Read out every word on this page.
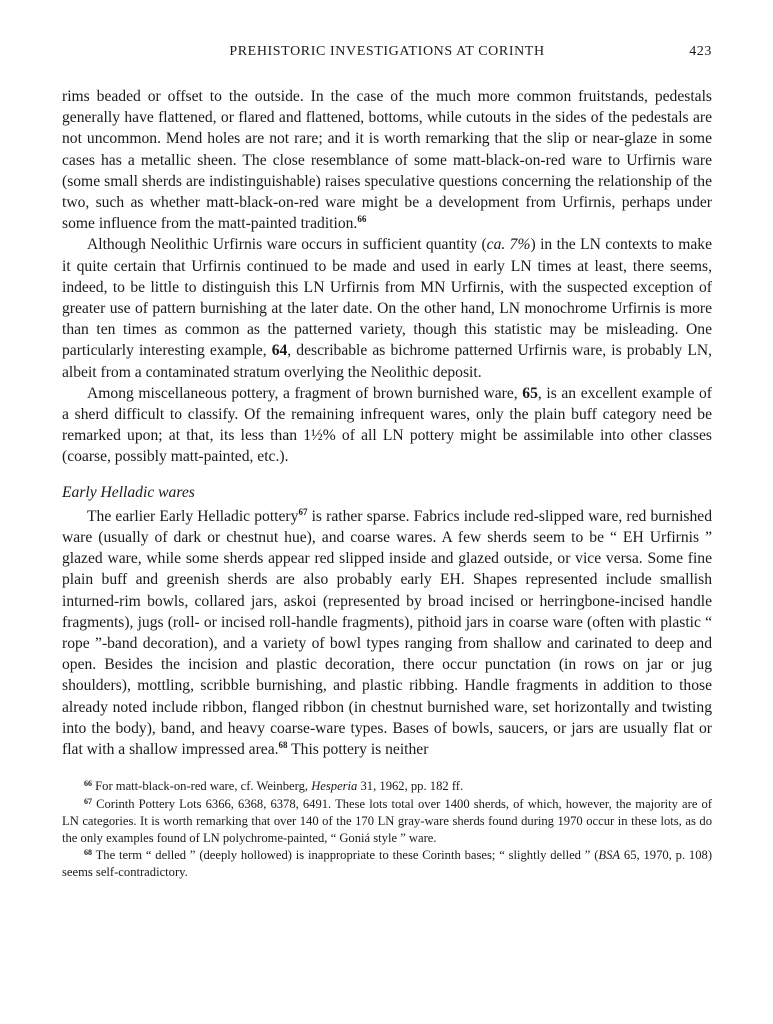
PREHISTORIC INVESTIGATIONS AT CORINTH	423

rims beaded or offset to the outside. In the case of the much more common fruitstands, pedestals generally have flattened, or flared and flattened, bottoms, while cutouts in the sides of the pedestals are not uncommon. Mend holes are not rare; and it is worth remarking that the slip or near-glaze in some cases has a metallic sheen. The close resemblance of some matt-black-on-red ware to Urfirnis ware (some small sherds are indistinguishable) raises speculative questions concerning the relationship of the two, such as whether matt-black-on-red ware might be a development from Urfirnis, perhaps under some influence from the matt-painted tradition.$^{66}$

Although Neolithic Urfirnis ware occurs in sufficient quantity (ca. 7%) in the LN contexts to make it quite certain that Urfirnis continued to be made and used in early LN times at least, there seems, indeed, to be little to distinguish this LN Urfirnis from MN Urfirnis, with the suspected exception of greater use of pattern burnishing at the later date. On the other hand, LN monochrome Urfirnis is more than ten times as common as the patterned variety, though this statistic may be misleading. One particularly interesting example, 64, describable as bichrome patterned Urfirnis ware, is probably LN, albeit from a contaminated stratum overlying the Neolithic deposit.

Among miscellaneous pottery, a fragment of brown burnished ware, 65, is an excellent example of a sherd difficult to classify. Of the remaining infrequent wares, only the plain buff category need be remarked upon; at that, its less than 1½% of all LN pottery might be assimilable into other classes (coarse, possibly matt-painted, etc.).

Early Helladic wares

The earlier Early Helladic pottery$^{67}$ is rather sparse. Fabrics include red-slipped ware, red burnished ware (usually of dark or chestnut hue), and coarse wares. A few sherds seem to be “ EH Urfirnis ” glazed ware, while some sherds appear red slipped inside and glazed outside, or vice versa. Some fine plain buff and greenish sherds are also probably early EH. Shapes represented include smallish inturned-rim bowls, collared jars, askoi (represented by broad incised or herringbone-incised handle fragments), jugs (roll- or incised roll-handle fragments), pithoid jars in coarse ware (often with plastic “ rope ”-band decoration), and a variety of bowl types ranging from shallow and carinated to deep and open. Besides the incision and plastic decoration, there occur punctation (in rows on jar or jug shoulders), mottling, scribble burnishing, and plastic ribbing. Handle fragments in addition to those already noted include ribbon, flanged ribbon (in chestnut burnished ware, set horizontally and twisting into the body), band, and heavy coarse-ware types. Bases of bowls, saucers, or jars are usually flat or flat with a shallow impressed area.$^{68}$ This pottery is neither

$^{66}$ For matt-black-on-red ware, cf. Weinberg, Hesperia 31, 1962, pp. 182 ff.

$^{67}$ Corinth Pottery Lots 6366, 6368, 6378, 6491. These lots total over 1400 sherds, of which, however, the majority are of LN categories. It is worth remarking that over 140 of the 170 LN gray-ware sherds found during 1970 occur in these lots, as do the only examples found of LN polychrome-painted, “ Goniá style ” ware.

$^{68}$ The term “ delled ” (deeply hollowed) is inappropriate to these Corinth bases; “ slightly delled ” (BSA 65, 1970, p. 108) seems self-contradictory.
